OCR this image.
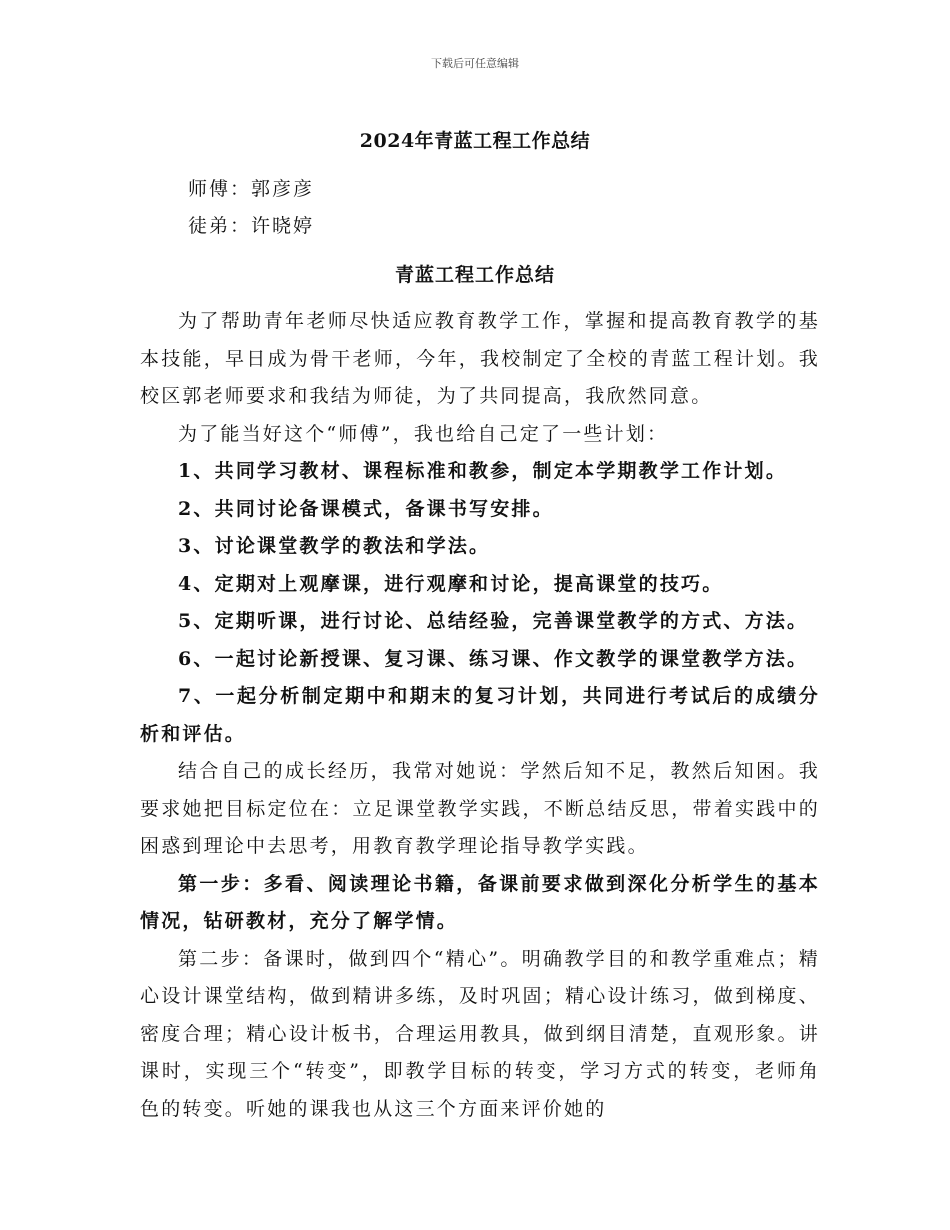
下载后可任意编辑
2024年青蓝工程工作总结
师傅：郭彦彦
徒弟：许晓婷
青蓝工程工作总结

为了帮助青年老师尽快适应教育教学工作，掌握和提高教育教学的基本技能，早日成为骨干老师，今年，我校制定了全校的青蓝工程计划。我校区郭老师要求和我结为师徒，为了共同提高，我欣然同意。

为了能当好这个“师傅”，我也给自己定了一些计划：

1、共同学习教材、课程标准和教参，制定本学期教学工作计划。

2、共同讨论备课模式，备课书写安排。

3、讨论课堂教学的教法和学法。

4、定期对上观摩课，进行观摩和讨论，提高课堂的技巧。

5、定期听课，进行讨论、总结经验，完善课堂教学的方式、方法。

6、一起讨论新授课、复习课、练习课、作文教学的课堂教学方法。

7、一起分析制定期中和期末的复习计划，共同进行考试后的成绩分析和评估。

结合自己的成长经历，我常对她说：学然后知不足，教然后知困。我要求她把目标定位在：立足课堂教学实践，不断总结反思，带着实践中的困惑到理论中去思考，用教育教学理论指导教学实践。

第一步：多看、阅读理论书籍，备课前要求做到深化分析学生的基本情况，钻研教材，充分了解学情。

第二步：备课时，做到四个“精心”。明确教学目的和教学重难点；精心设计课堂结构，做到精讲多练，及时巩固；精心设计练习，做到梯度、密度合理；精心设计板书，合理运用教具，做到纲目清楚，直观形象。讲课时，实现三个“转变”，即教学目标的转变，学习方式的转变，老师角色的转变。听她的课我也从这三个方面来评价她的
